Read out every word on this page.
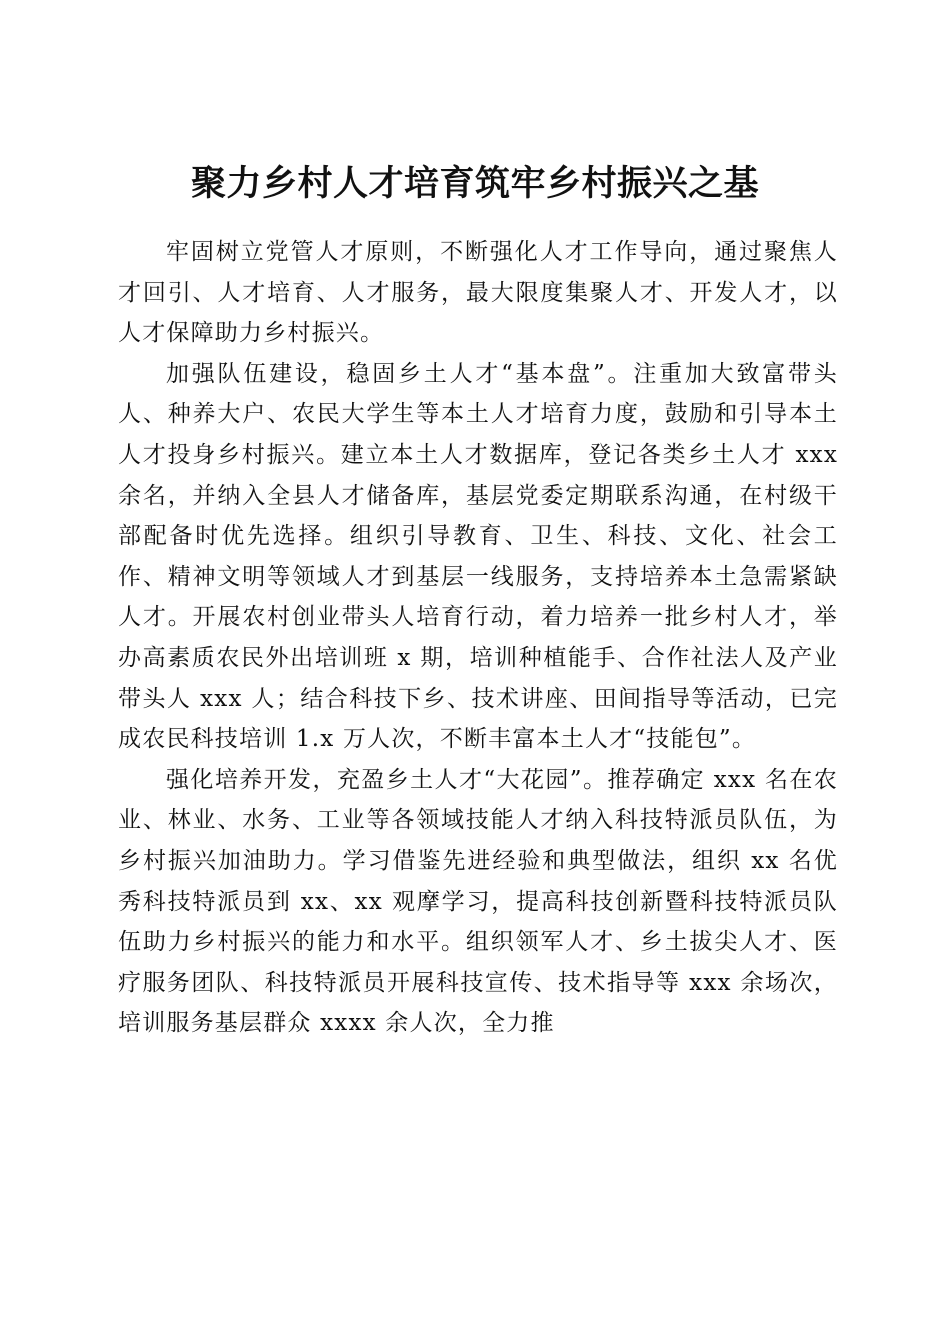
聚力乡村人才培育筑牢乡村振兴之基

牢固树立党管人才原则，不断强化人才工作导向，通过聚焦人才回引、人才培育、人才服务，最大限度集聚人才、开发人才，以人才保障助力乡村振兴。

加强队伍建设，稳固乡土人才“基本盘”。注重加大致富带头人、种养大户、农民大学生等本土人才培育力度，鼓励和引导本土人才投身乡村振兴。建立本土人才数据库，登记各类乡土人才 xxx 余名，并纳入全县人才储备库，基层党委定期联系沟通，在村级干部配备时优先选择。组织引导教育、卫生、科技、文化、社会工作、精神文明等领域人才到基层一线服务，支持培养本土急需紧缺人才。开展农村创业带头人培育行动，着力培养一批乡村人才，举办高素质农民外出培训班 x 期，培训种植能手、合作社法人及产业带头人 xxx 人；结合科技下乡、技术讲座、田间指导等活动，已完成农民科技培训 1.x 万人次，不断丰富本土人才“技能包”。

强化培养开发，充盈乡土人才“大花园”。推荐确定 xxx 名在农业、林业、水务、工业等各领域技能人才纳入科技特派员队伍，为乡村振兴加油助力。学习借鉴先进经验和典型做法，组织 xx 名优秀科技特派员到 xx、xx 观摩学习，提高科技创新暨科技特派员队伍助力乡村振兴的能力和水平。组织领军人才、乡土拔尖人才、医疗服务团队、科技特派员开展科技宣传、技术指导等 xxx 余场次，培训服务基层群众 xxxx 余人次，全力推
